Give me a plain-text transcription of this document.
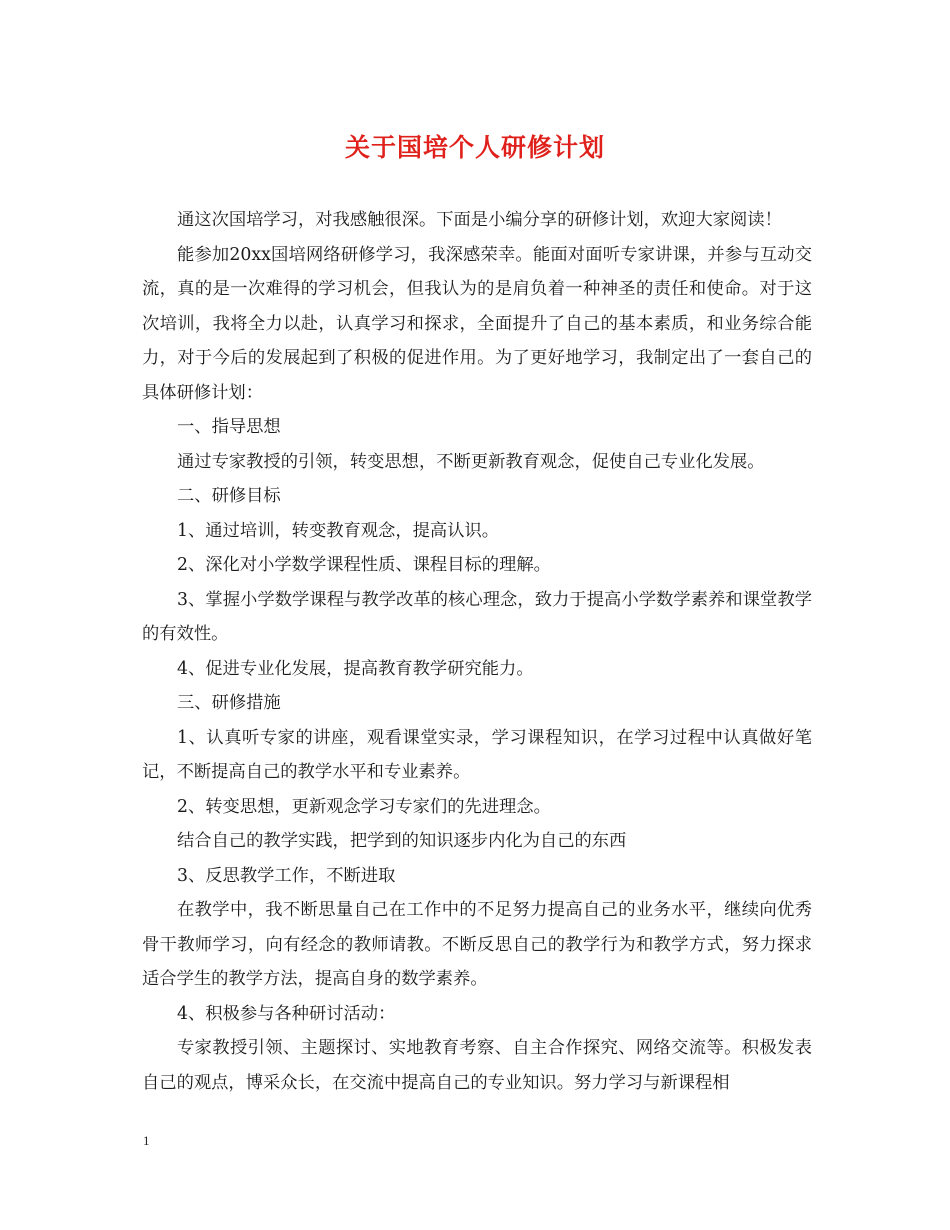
关于国培个人研修计划

通这次国培学习，对我感触很深。下面是小编分享的研修计划，欢迎大家阅读！

能参加20xx国培网络研修学习，我深感荣幸。能面对面听专家讲课，并参与互动交流，真的是一次难得的学习机会，但我认为的是肩负着一种神圣的责任和使命。对于这次培训，我将全力以赴，认真学习和探求，全面提升了自己的基本素质，和业务综合能力，对于今后的发展起到了积极的促进作用。为了更好地学习，我制定出了一套自己的具体研修计划：

一、指导思想

通过专家教授的引领，转变思想，不断更新教育观念，促使自己专业化发展。

二、研修目标

1、通过培训，转变教育观念，提高认识。

2、深化对小学数学课程性质、课程目标的理解。

3、掌握小学数学课程与教学改革的核心理念，致力于提高小学数学素养和课堂教学的有效性。

4、促进专业化发展，提高教育教学研究能力。

三、研修措施

1、认真听专家的讲座，观看课堂实录，学习课程知识，在学习过程中认真做好笔记，不断提高自己的教学水平和专业素养。

2、转变思想，更新观念学习专家们的先进理念。

结合自己的教学实践，把学到的知识逐步内化为自己的东西

3、反思教学工作，不断进取

在教学中，我不断思量自己在工作中的不足努力提高自己的业务水平，继续向优秀骨干教师学习，向有经念的教师请教。不断反思自己的教学行为和教学方式，努力探求适合学生的教学方法，提高自身的数学素养。

4、积极参与各种研讨活动：

专家教授引领、主题探讨、实地教育考察、自主合作探究、网络交流等。积极发表自己的观点，博采众长，在交流中提高自己的专业知识。努力学习与新课程相

1
